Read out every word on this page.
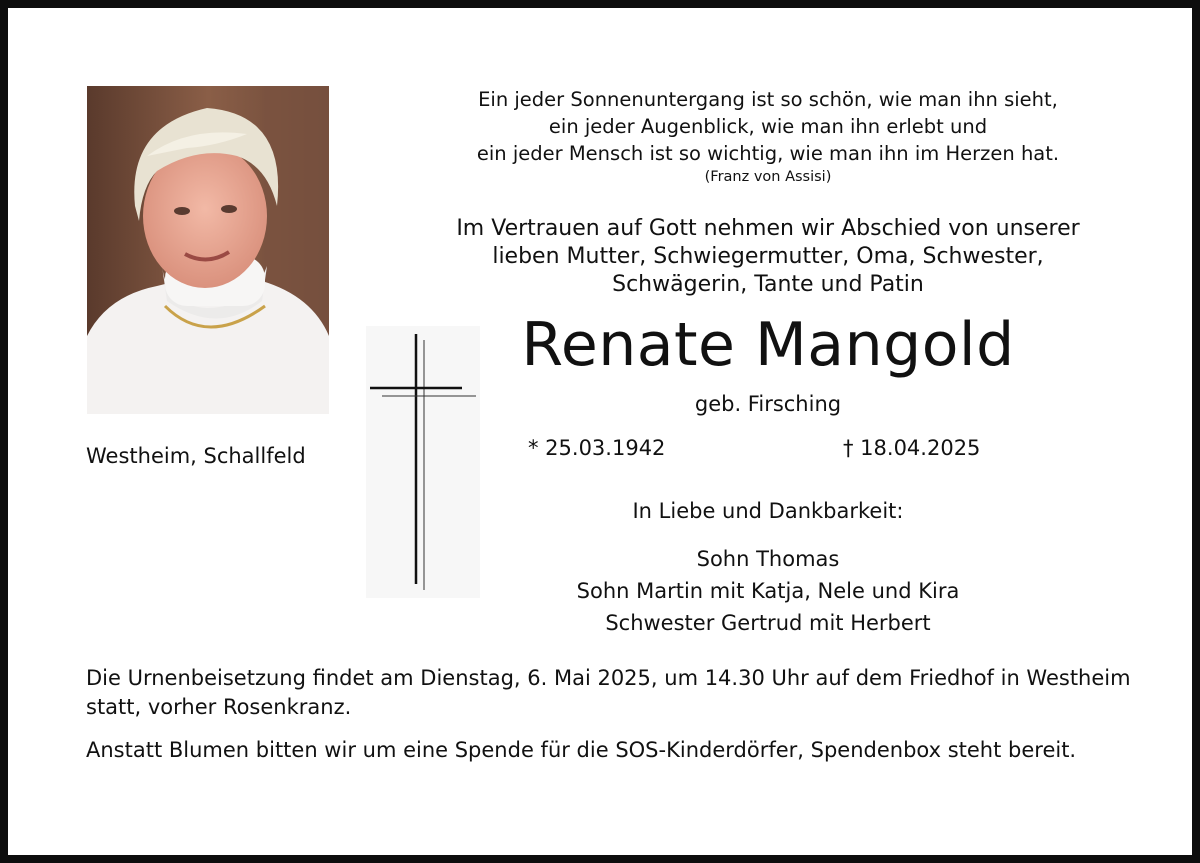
Westheim, Schallfeld
Ein jeder Sonnenuntergang ist so schön, wie man ihn sieht,
ein jeder Augenblick, wie man ihn erlebt und
ein jeder Mensch ist so wichtig, wie man ihn im Herzen hat.
(Franz von Assisi)
Im Vertrauen auf Gott nehmen wir Abschied von unserer
lieben Mutter, Schwiegermutter, Oma, Schwester,
Schwägerin, Tante und Patin
Renate Mangold
geb. Firsching
* 25.03.1942	† 18.04.2025
In Liebe und Dankbarkeit:
Sohn Thomas
Sohn Martin mit Katja, Nele und Kira
Schwester Gertrud mit Herbert
Die Urnenbeisetzung findet am Dienstag, 6. Mai 2025, um 14.30 Uhr auf dem Friedhof in Westheim statt, vorher Rosenkranz.
Anstatt Blumen bitten wir um eine Spende für die SOS-Kinderdörfer, Spendenbox steht bereit.
